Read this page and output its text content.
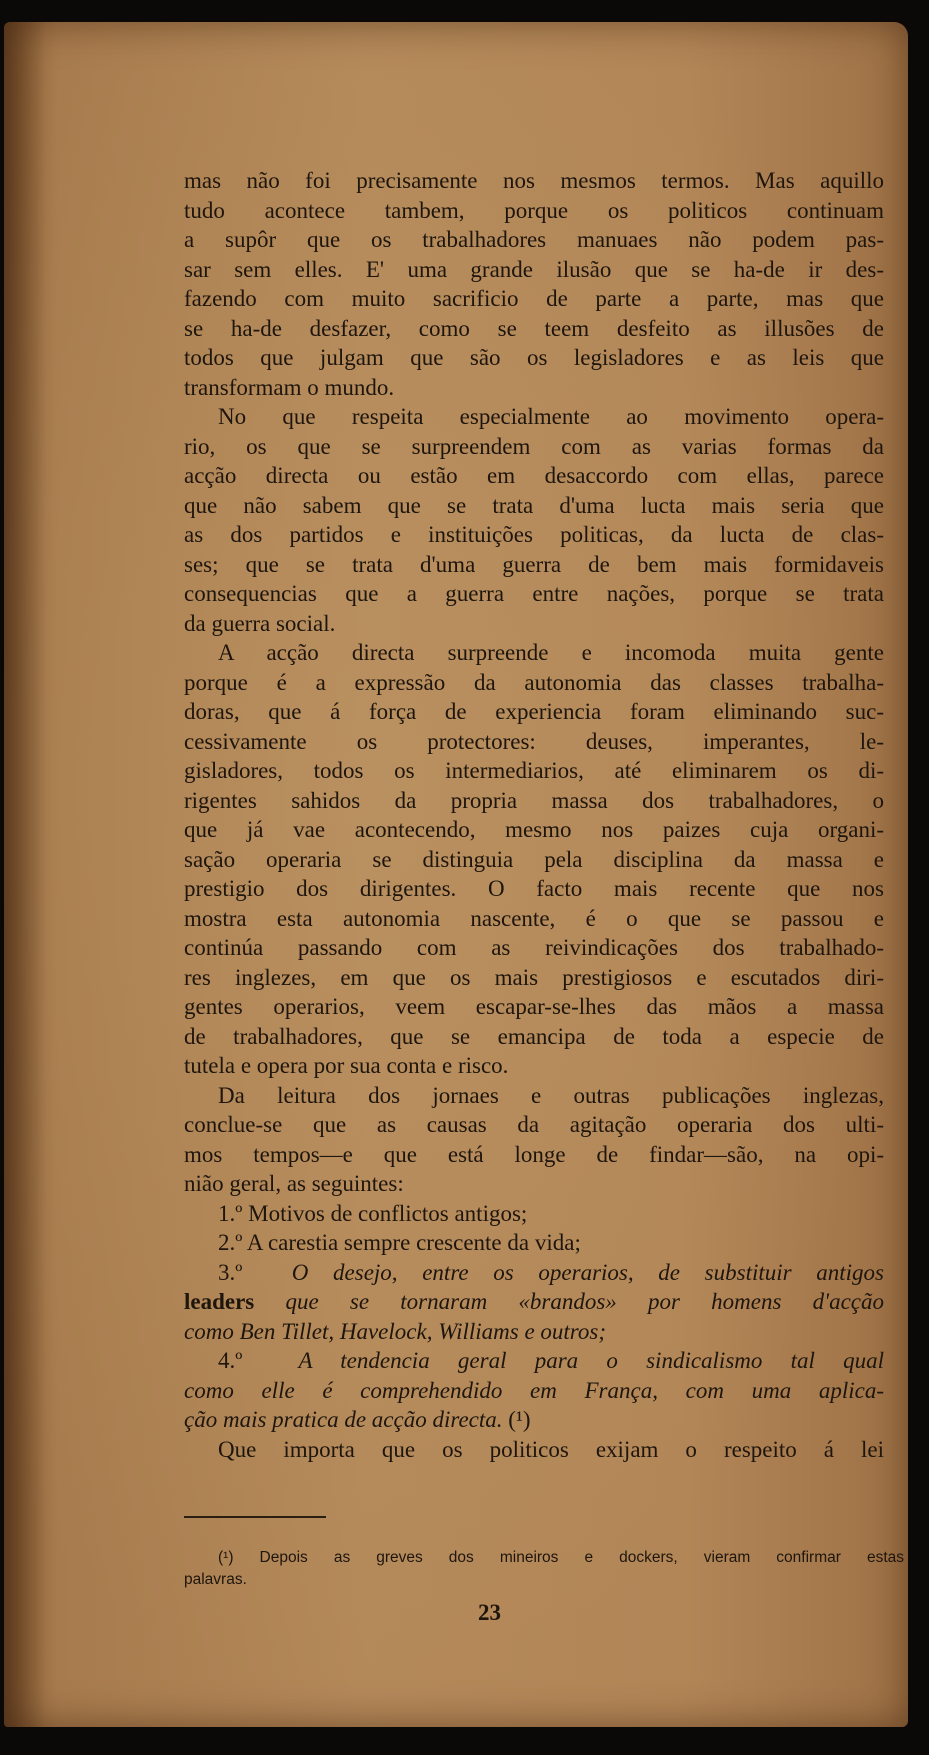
mas não foi precisamente nos mesmos termos. Mas aquillo
tudo acontece tambem, porque os politicos continuam
a supôr que os trabalhadores manuaes não podem pas-
sar sem elles. E' uma grande ilusão que se ha-de ir des-
fazendo com muito sacrificio de parte a parte, mas que
se ha-de desfazer, como se teem desfeito as illusões de
todos que julgam que são os legisladores e as leis que
transformam o mundo.
No que respeita especialmente ao movimento opera-
rio, os que se surpreendem com as varias formas da
acção directa ou estão em desaccordo com ellas, parece
que não sabem que se trata d'uma lucta mais seria que
as dos partidos e instituições politicas, da lucta de clas-
ses; que se trata d'uma guerra de bem mais formidaveis
consequencias que a guerra entre nações, porque se trata
da guerra social.
A acção directa surpreende e incomoda muita gente
porque é a expressão da autonomia das classes trabalha-
doras, que á força de experiencia foram eliminando suc-
cessivamente os protectores: deuses, imperantes, le-
gisladores, todos os intermediarios, até eliminarem os di-
rigentes sahidos da propria massa dos trabalhadores, o
que já vae acontecendo, mesmo nos paizes cuja organi-
sação operaria se distinguia pela disciplina da massa e
prestigio dos dirigentes. O facto mais recente que nos
mostra esta autonomia nascente, é o que se passou e
continúa passando com as reivindicações dos trabalhado-
res inglezes, em que os mais prestigiosos e escutados diri-
gentes operarios, veem escapar-se-lhes das mãos a massa
de trabalhadores, que se emancipa de toda a especie de
tutela e opera por sua conta e risco.
Da leitura dos jornaes e outras publicações inglezas,
conclue-se que as causas da agitação operaria dos ulti-
mos tempos—e que está longe de findar—são, na opi-
nião geral, as seguintes:
1.º Motivos de conflictos antigos;
2.º A carestia sempre crescente da vida;
3.º O desejo, entre os operarios, de substituir antigos
leaders que se tornaram «brandos» por homens d'acção
como Ben Tillet, Havelock, Williams e outros;
4.º A tendencia geral para o sindicalismo tal qual
como elle é comprehendido em França, com uma aplica-
ção mais pratica de acção directa. (¹)
Que importa que os politicos exijam o respeito á lei
(¹) Depois as greves dos mineiros e dockers, vieram confirmar estas
palavras.
23
